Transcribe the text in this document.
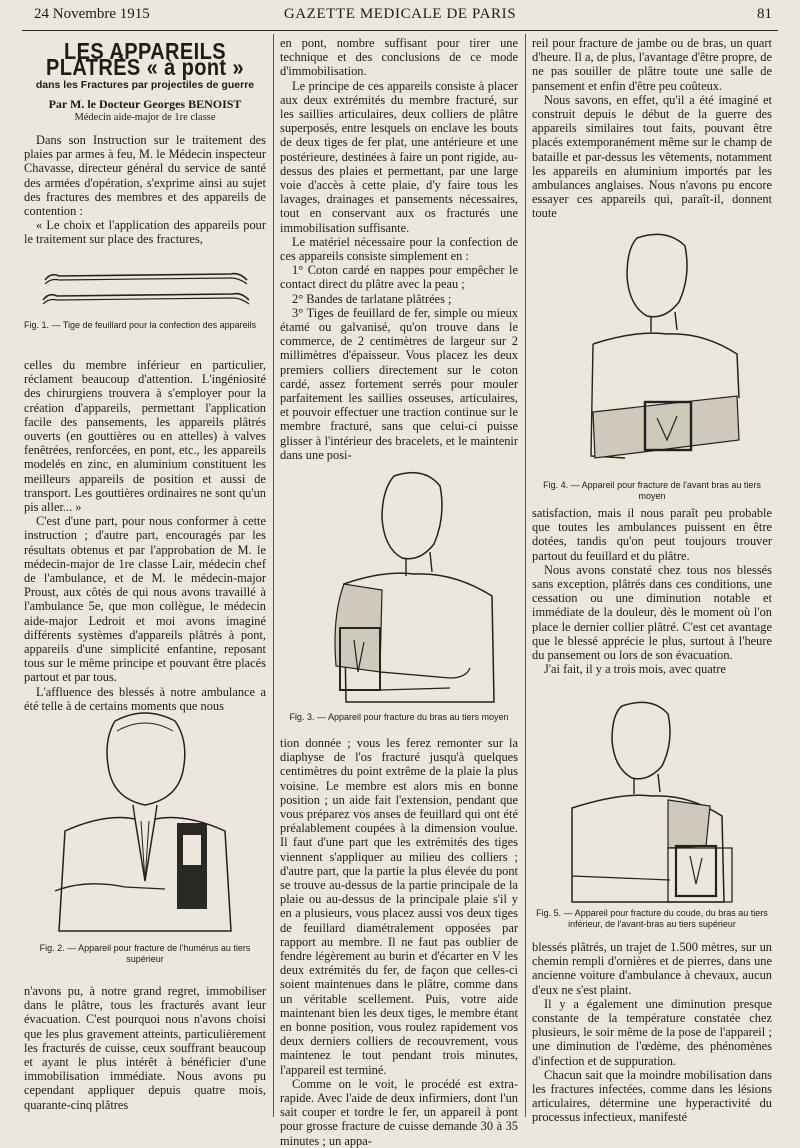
24 Novembre 1915	GAZETTE MEDICALE DE PARIS	81
LES APPAREILS PLATRÉS « à pont »
dans les Fractures par projectiles de guerre
Par M. le Docteur Georges BENOIST
Médecin aide-major de 1re classe

Dans son Instruction sur le traitement des plaies par armes à feu, M. le Médecin inspecteur Chavasse, directeur général du service de santé des armées d'opération, s'exprime ainsi au sujet des fractures des membres et des appareils de contention :

« Le choix et l'application des appareils pour le traitement sur place des fractures,

Fig. 1. — Tige de feuillard pour la confection des appareils

celles du membre inférieur en particulier, réclament beaucoup d'attention. L'ingéniosité des chirurgiens trouvera à s'employer pour la création d'appareils, permettant l'application facile des pansements, les appareils plâtrés ouverts (en gouttières ou en attelles) à valves fenêtrées, renforcées, en pont, etc., les appareils modelés en zinc, en aluminium constituent les meilleurs appareils de position et aussi de transport. Les gouttières ordinaires ne sont qu'un pis aller... »

C'est d'une part, pour nous conformer à cette instruction ; d'autre part, encouragés par les résultats obtenus et par l'approbation de M. le médecin-major de 1re classe Lair, médecin chef de l'ambulance, et de M. le médecin-major Proust, aux côtés de qui nous avons travaillé à l'ambulance 5e, que mon collègue, le médecin aide-major Ledroit et moi avons imaginé différents systèmes d'appareils plâtrés à pont, appareils d'une simplicité enfantine, reposant tous sur le même principe et pouvant être placés partout et par tous.

L'affluence des blessés à notre ambulance a été telle à de certains moments que nous

Fig. 2. — Appareil pour fracture de l'humérus au tiers supérieur

n'avons pu, à notre grand regret, immobiliser dans le plâtre, tous les fracturés avant leur évacuation. C'est pourquoi nous n'avons choisi que les plus gravement atteints, particulièrement les fracturés de cuisse, ceux souffrant beaucoup et ayant le plus intérêt à bénéficier d'une immobilisation immédiate. Nous avons pu cependant appliquer depuis quatre mois, quarante-cinq plâtres

en pont, nombre suffisant pour tirer une technique et des conclusions de ce mode d'immobilisation.

Le principe de ces appareils consiste à placer aux deux extrémités du membre fracturé, sur les saillies articulaires, deux colliers de plâtre superposés, entre lesquels on enclave les bouts de deux tiges de fer plat, une antérieure et une postérieure, destinées à faire un pont rigide, au-dessus des plaies et permettant, par une large voie d'accès à cette plaie, d'y faire tous les lavages, drainages et pansements nécessaires, tout en conservant aux os fracturés une immobilisation suffisante.

Le matériel nécessaire pour la confection de ces appareils consiste simplement en :

1° Coton cardé en nappes pour empêcher le contact direct du plâtre avec la peau ;

2° Bandes de tarlatane plâtrées ;

3° Tiges de feuillard de fer, simple ou mieux étamé ou galvanisé, qu'on trouve dans le commerce, de 2 centimètres de largeur sur 2 millimètres d'épaisseur. Vous placez les deux premiers colliers directement sur le coton cardé, assez fortement serrés pour mouler parfaitement les saillies osseuses, articulaires, et pouvoir effectuer une traction continue sur le membre fracturé, sans que celui-ci puisse glisser à l'intérieur des bracelets, et le maintenir dans une posi-

Fig. 3. — Appareil pour fracture du bras au tiers moyen

tion donnée ; vous les ferez remonter sur la diaphyse de l'os fracturé jusqu'à quelques centimètres du point extrême de la plaie la plus voisine. Le membre est alors mis en bonne position ; un aide fait l'extension, pendant que vous préparez vos anses de feuillard qui ont été préalablement coupées à la dimension voulue. Il faut d'une part que les extrémités des tiges viennent s'appliquer au milieu des colliers ; d'autre part, que la partie la plus élevée du pont se trouve au-dessus de la partie principale de la plaie ou au-dessus de la principale plaie s'il y en a plusieurs, vous placez aussi vos deux tiges de feuillard diamétralement opposées par rapport au membre. Il ne faut pas oublier de fendre légèrement au burin et d'écarter en V les deux extrémités du fer, de façon que celles-ci soient maintenues dans le plâtre, comme dans un véritable scellement. Puis, votre aide maintenant bien les deux tiges, le membre étant en bonne position, vous roulez rapidement vos deux derniers colliers de recouvrement, vous maintenez le tout pendant trois minutes, l'appareil est terminé.

Comme on le voit, le procédé est extra-rapide. Avec l'aide de deux infirmiers, dont l'un sait couper et tordre le fer, un appareil à pont pour grosse fracture de cuisse demande 30 à 35 minutes ; un appa-

reil pour fracture de jambe ou de bras, un quart d'heure. Il a, de plus, l'avantage d'être propre, de ne pas souiller de plâtre toute une salle de pansement et enfin d'être peu coûteux.

Nous savons, en effet, qu'il a été imaginé et construit depuis le début de la guerre des appareils similaires tout faits, pouvant être placés extemporanément même sur le champ de bataille et par-dessus les vêtements, notamment les appareils en aluminium importés par les ambulances anglaises. Nous n'avons pu encore essayer ces appareils qui, paraît-il, donnent toute

Fig. 4. — Appareil pour fracture de l'avant bras au tiers moyen

satisfaction, mais il nous paraît peu probable que toutes les ambulances puissent en être dotées, tandis qu'on peut toujours trouver partout du feuillard et du plâtre.

Nous avons constaté chez tous nos blessés sans exception, plâtrés dans ces conditions, une cessation ou une diminution notable et immédiate de la douleur, dès le moment où l'on place le dernier collier plâtré. C'est cet avantage que le blessé apprécie le plus, surtout à l'heure du pansement ou lors de son évacuation.

J'ai fait, il y a trois mois, avec quatre

Fig. 5. — Appareil pour fracture du coude, du bras au tiers inférieur, de l'avant-bras au tiers supérieur

blessés plâtrés, un trajet de 1.500 mètres, sur un chemin rempli d'ornières et de pierres, dans une ancienne voiture d'ambulance à chevaux, aucun d'eux ne s'est plaint.

Il y a également une diminution presque constante de la température constatée chez plusieurs, le soir même de la pose de l'appareil ; une diminution de l'œdème, des phénomènes d'infection et de suppuration.

Chacun sait que la moindre mobilisation dans les fractures infectées, comme dans les lésions articulaires, détermine une hyperactivité du processus infectieux, manifesté
